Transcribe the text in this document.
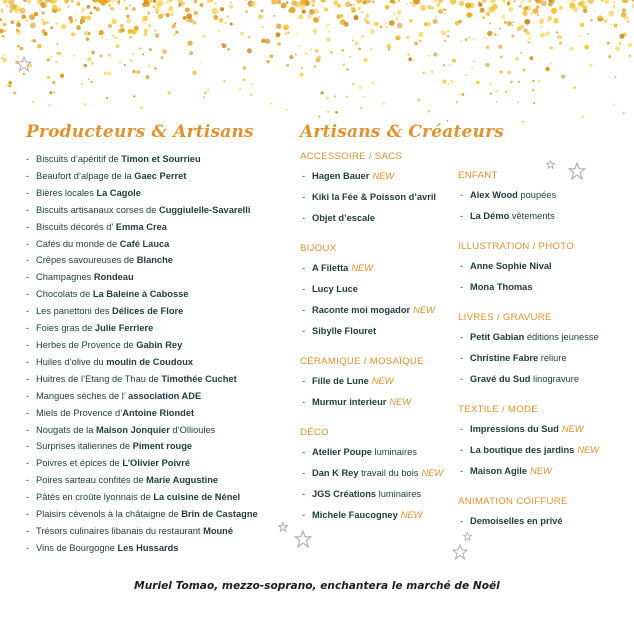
Producteurs & Artisans	Artisans & Créateurs
- Biscuits d’apéritif de Timon et Sourrieu
- Beaufort d’alpage de la Gaec Perret
- Bières locales La Cagole
- Biscuits artisanaux corses de Cuggiulelle-Savarelli
- Biscuits décorés d’ Emma Crea
- Cafés du monde de Café Lauca
- Crêpes savoureuses de Blanche
- Champagnes Rondeau
- Chocolats de La Baleine à Cabosse
- Les panettoni des Délices de Flore
- Foies gras de Julie Ferriere
- Herbes de Provence de Gabin Rey
- Huiles d’olive du moulin de Coudoux
- Huitres de l’Etang de Thau de Timothée Cuchet
- Mangues sèches de l’ association ADE
- Miels de Provence d’Antoine Riondet
- Nougats de la Maison Jonquier d’Ollioules
- Surprises italiennes de Piment rouge
- Poivres et épices de L’Olivier Poivré
- Poires sarteau confites de Marie Augustine
- Pâtés en croûte lyonnais de La cuisine de Nénel
- Plaisirs cévenols à la châtaigne de Brin de Castagne
- Trésors culinaires libanais du restaurant Mouné
- Vins de Bourgogne Les Hussards
ACCESSOIRE / SACS
- Hagen Bauer NEW
- Kiki la Fée & Poisson d’avril
- Objet d’escale
BIJOUX
- A Filetta NEW
- Lucy Luce
- Raconte moi mogador NEW
- Sibylle Flouret
CÉRAMIQUE / MOSAÏQUE
- Fille de Lune NEW
- Murmur interieur NEW
DÉCO
- Atelier Poupe luminaires
- Dan K Rey travail du bois NEW
- JGS Créations luminaires
- Michele Faucogney NEW
ENFANT
- Alex Wood poupées
- La Démo vêtements
ILLUSTRATION / PHOTO
- Anne Sophie Nival
- Mona Thomas
LIVRES / GRAVURE
- Petit Gabian éditions jeunesse
- Christine Fabre reliure
- Gravé du Sud linogravure
TEXTILE / MODE
- Impressions du Sud NEW
- La boutique des jardins NEW
- Maison Agile NEW
ANIMATION COIFFURE
- Demoiselles en privé
Muriel Tomao, mezzo-soprano, enchantera le marché de Noël
